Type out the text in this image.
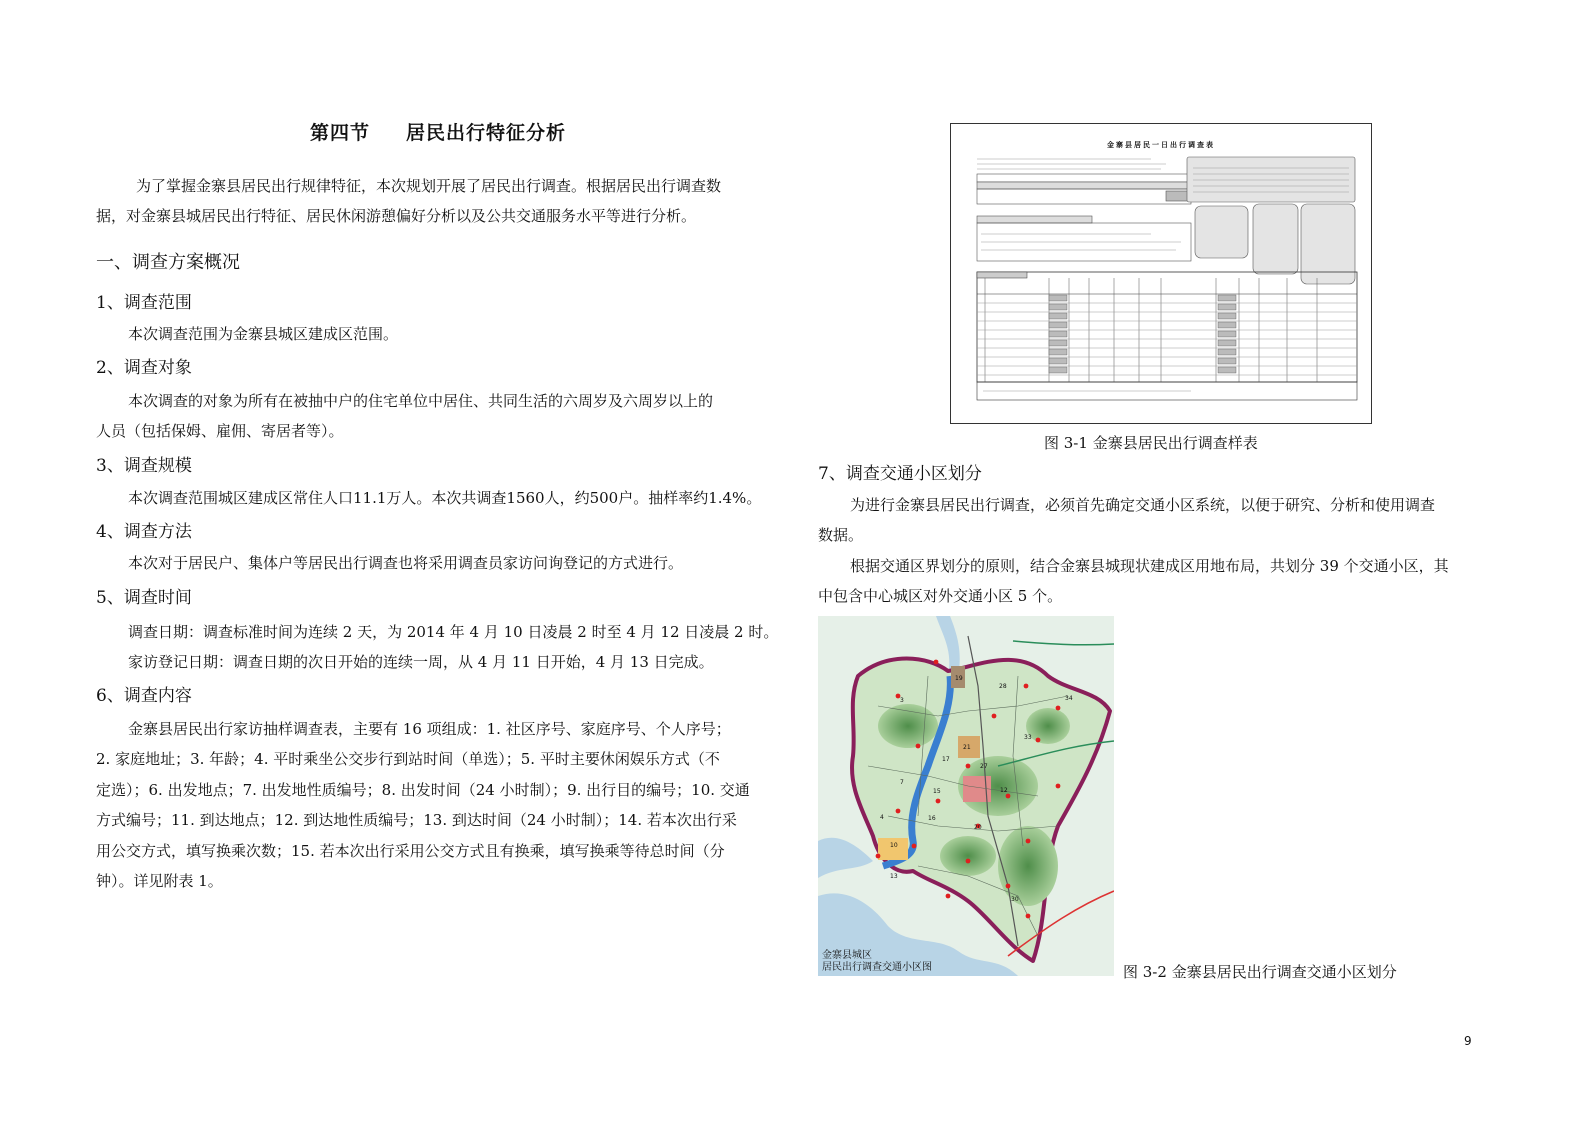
第四节 居民出行特征分析
为了掌握金寨县居民出行规律特征，本次规划开展了居民出行调查。根据居民出行调查数
据，对金寨县城居民出行特征、居民休闲游憩偏好分析以及公共交通服务水平等进行分析。
一、调查方案概况
1、调查范围
本次调查范围为金寨县城区建成区范围。
2、调查对象
本次调查的对象为所有在被抽中户的住宅单位中居住、共同生活的六周岁及六周岁以上的
人员（包括保姆、雇佣、寄居者等）。
3、调查规模
本次调查范围城区建成区常住人口11.1万人。本次共调查1560人，约500户。抽样率约1.4%。
4、调查方法
本次对于居民户、集体户等居民出行调查也将采用调查员家访问询登记的方式进行。
5、调查时间
调查日期：调查标准时间为连续 2 天，为 2014 年 4 月 10 日凌晨 2 时至 4 月 12 日凌晨 2 时。
家访登记日期：调查日期的次日开始的连续一周，从 4 月 11 日开始，4 月 13 日完成。
6、调查内容
金寨县居民出行家访抽样调查表，主要有 16 项组成：1. 社区序号、家庭序号、个人序号；
2. 家庭地址；3. 年龄；4. 平时乘坐公交步行到站时间（单选）；5. 平时主要休闲娱乐方式（不
定选）；6. 出发地点；7. 出发地性质编号；8. 出发时间（24 小时制）；9. 出行目的编号；10. 交通
方式编号；11. 到达地点；12. 到达地性质编号；13. 到达时间（24 小时制）；14. 若本次出行采
用公交方式，填写换乘次数；15. 若本次出行采用公交方式且有换乘，填写换乘等待总时间（分
钟）。详见附表 1。
金寨县居民一日出行调查表
图 3-1 金寨县居民出行调查样表
7、调查交通小区划分
为进行金寨县居民出行调查，必须首先确定交通小区系统，以便于研究、分析和使用调查
数据。
根据交通区界划分的原则，结合金寨县城现状建成区用地布局，共划分 39 个交通小区，其
中包含中心城区对外交通小区 5 个。
19
28
3	34
21
33
17
27
7
15	12
16
20
10
4
13
30
金寨县城区
居民出行调查交通小区图	图 3-2 金寨县居民出行调查交通小区划分
9
